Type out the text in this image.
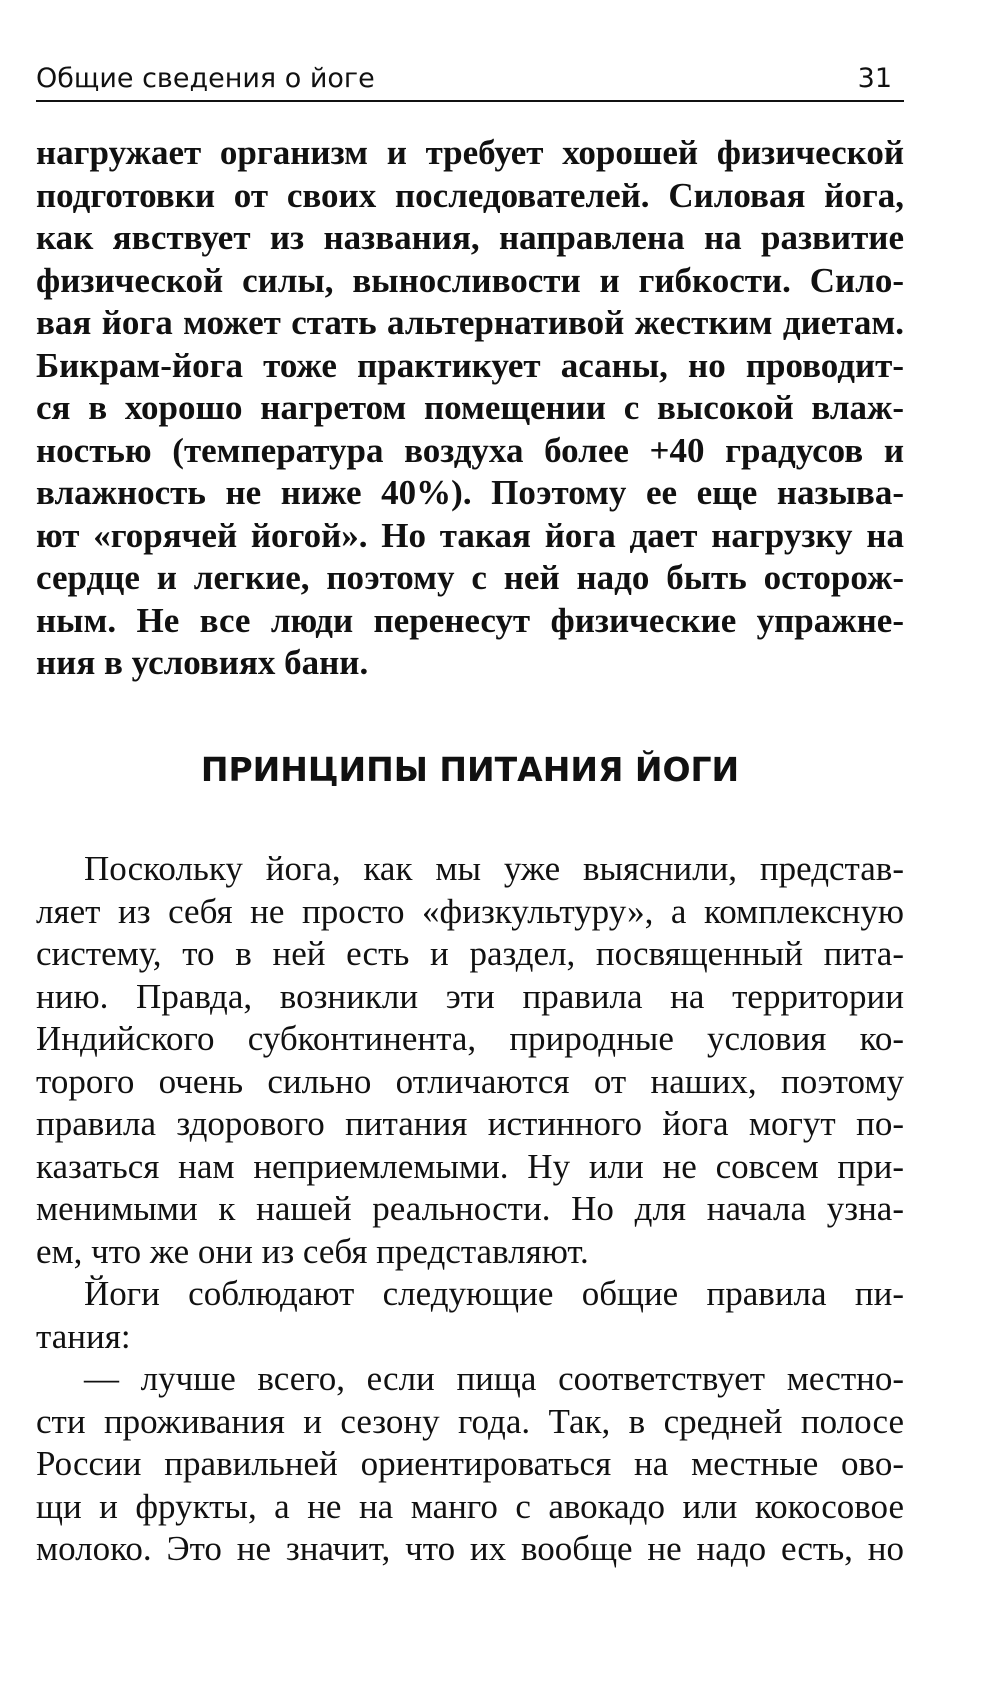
Общие сведения о йоге	31
нагружает организм и требует хорошей физической
подготовки от своих последователей. Силовая йога,
как явствует из названия, направлена на развитие
физической силы, выносливости и гибкости. Сило-
вая йога может стать альтернативой жестким диетам.
Бикрам-йога тоже практикует асаны, но проводит-
ся в хорошо нагретом помещении с высокой влаж-
ностью (температура воздуха более +40 градусов и
влажность не ниже 40%). Поэтому ее еще называ-
ют «горячей йогой». Но такая йога дает нагрузку на
сердце и легкие, поэтому с ней надо быть осторож-
ным. Не все люди перенесут физические упражне-
ния в условиях бани.
ПРИНЦИПЫ ПИТАНИЯ ЙОГИ
Поскольку йога, как мы уже выяснили, представ-
ляет из себя не просто «физкультуру», а комплексную
систему, то в ней есть и раздел, посвященный пита-
нию. Правда, возникли эти правила на территории
Индийского субконтинента, природные условия ко-
торого очень сильно отличаются от наших, поэтому
правила здорового питания истинного йога могут по-
казаться нам неприемлемыми. Ну или не совсем при-
менимыми к нашей реальности. Но для начала узна-
ем, что же они из себя представляют.
Йоги соблюдают следующие общие правила пи-
тания:
— лучше всего, если пища соответствует местно-
сти проживания и сезону года. Так, в средней полосе
России правильней ориентироваться на местные ово-
щи и фрукты, а не на манго с авокадо или кокосовое
молоко. Это не значит, что их вообще не надо есть, но
